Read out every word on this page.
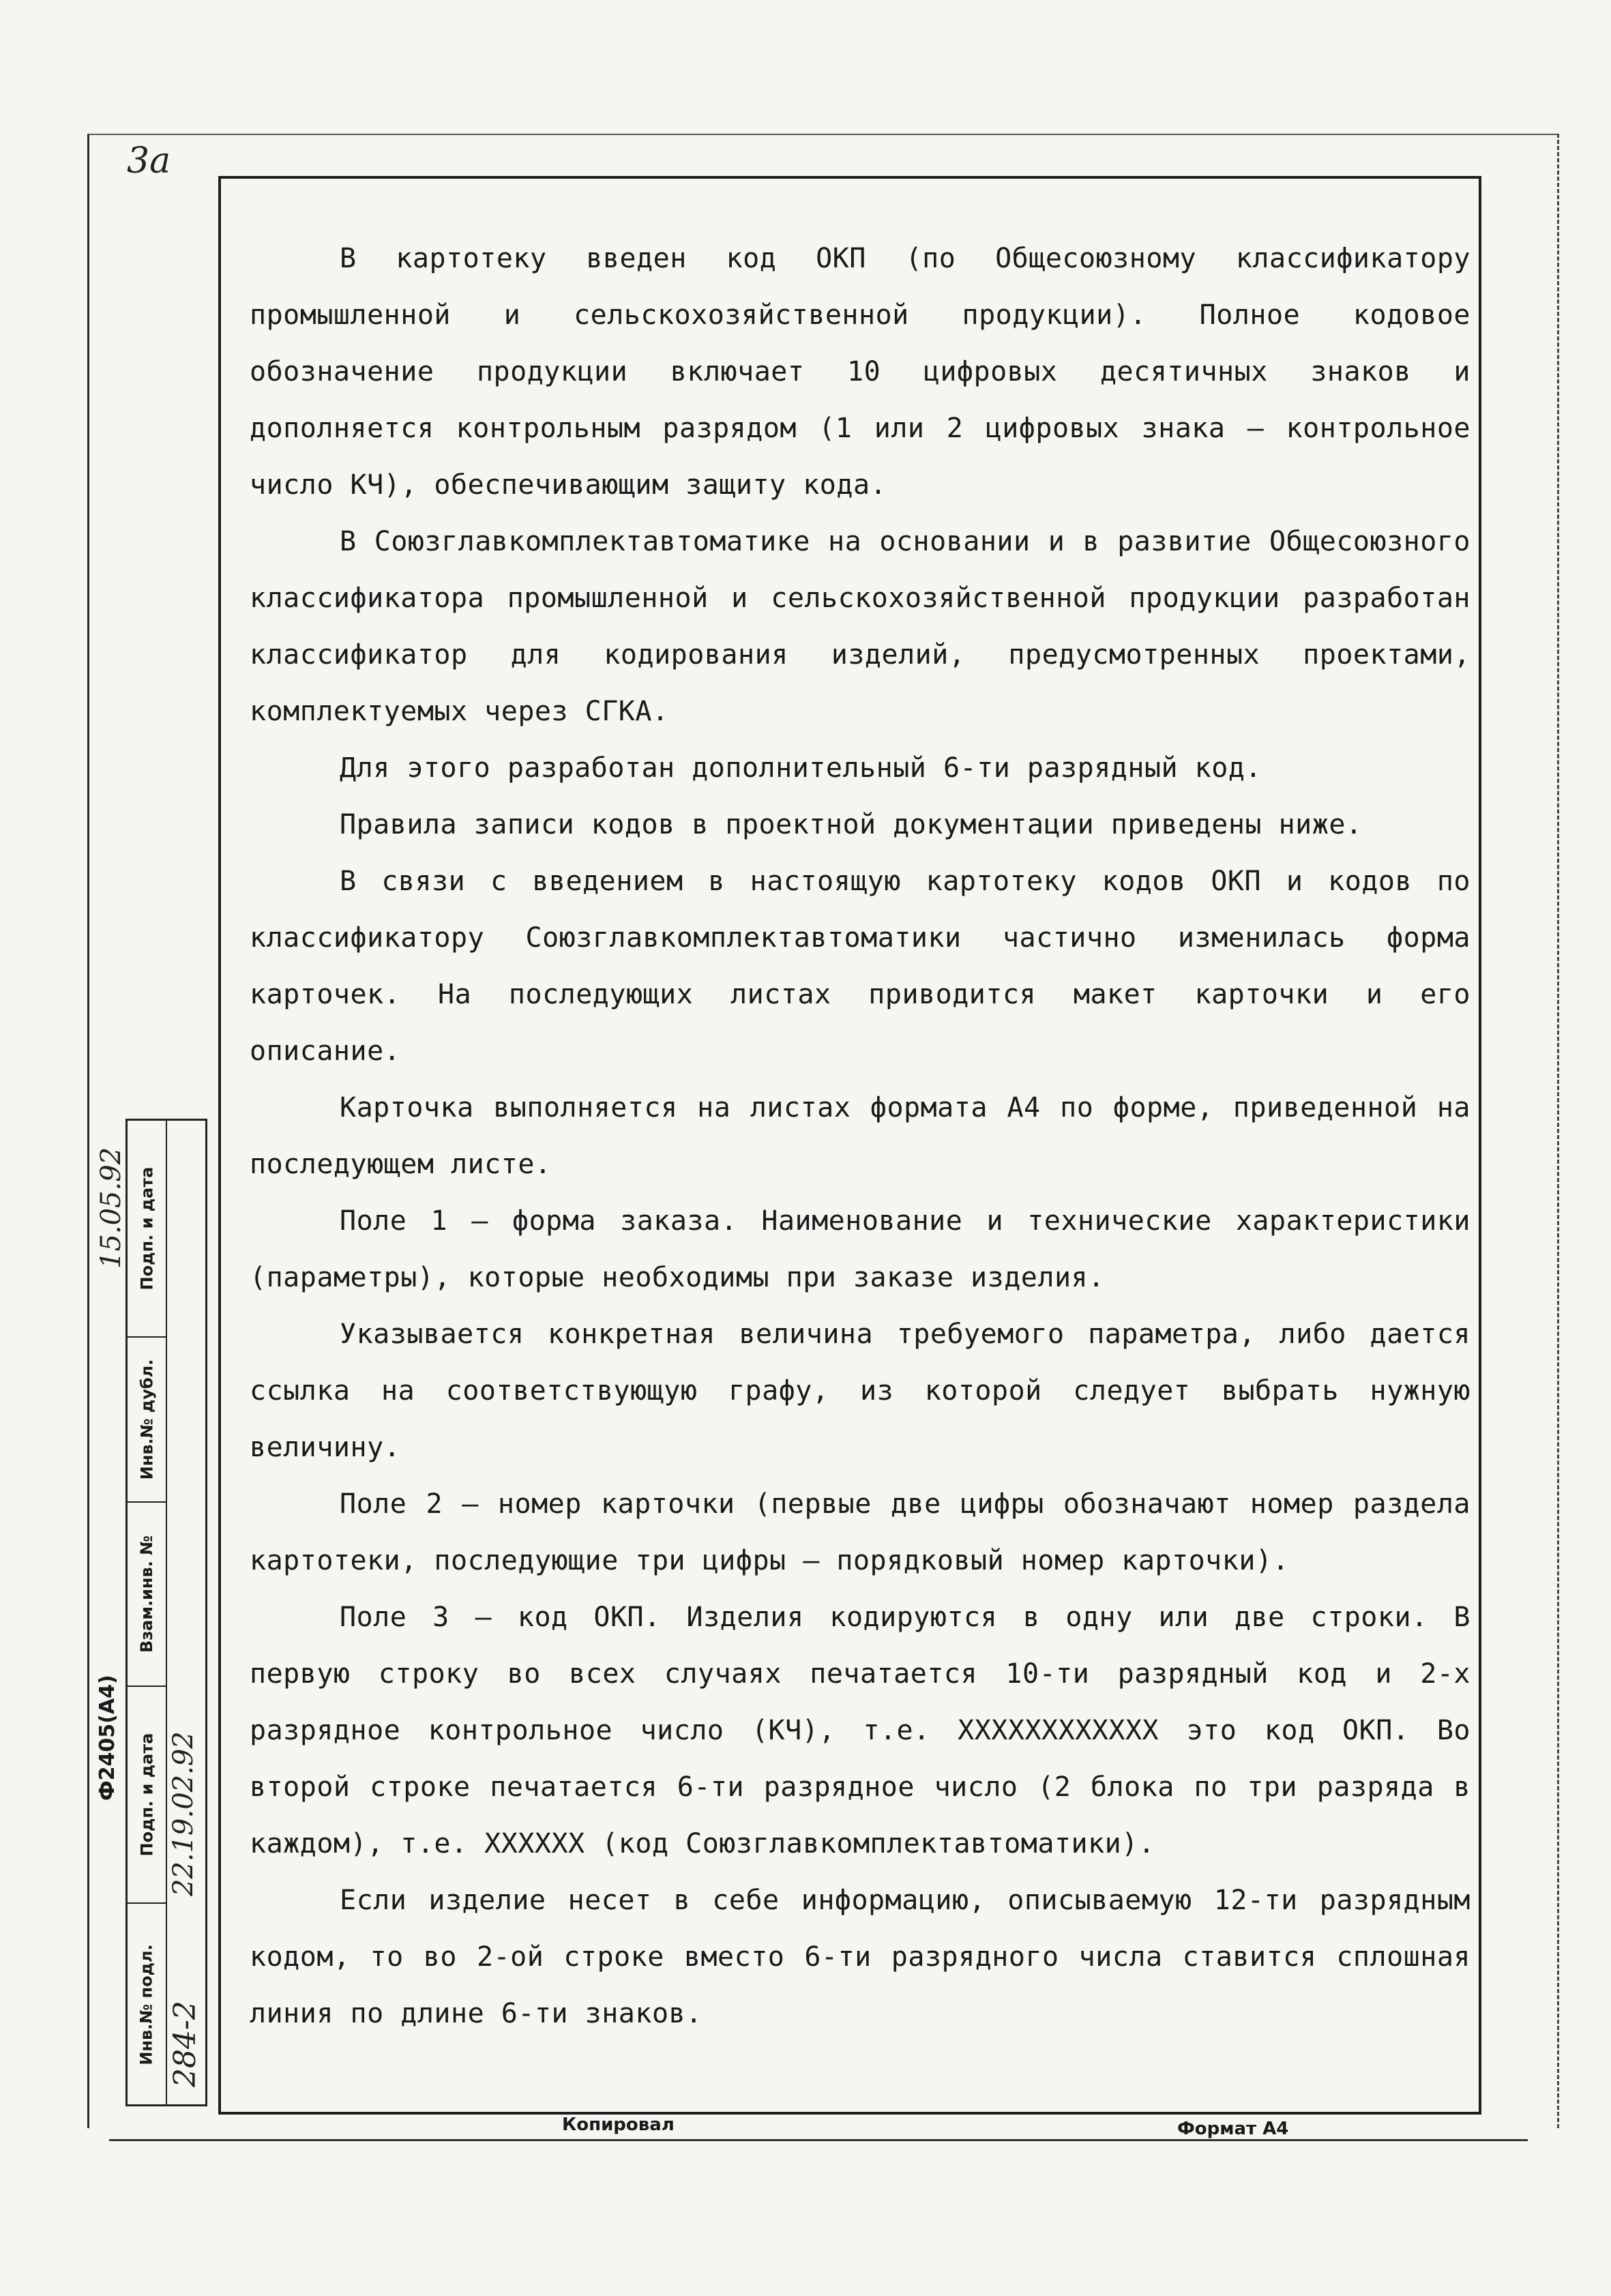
3а

В картотеку введен код ОКП (по Общесоюзному классификатору промышленной и сельскохозяйственной продукции). Полное кодовое обозначение продукции включает 10 цифровых десятичных знаков и дополняется контрольным разрядом (1 или 2 цифровых знака – контрольное число КЧ), обеспечивающим защиту кода.

В Союзглавкомплектавтоматике на основании и в развитие Общесоюзного классификатора промышленной и сельскохозяйственной продукции разработан классификатор для кодирования изделий, предусмотренных проектами, комплектуемых через СГКА.

Для этого разработан дополнительный 6-ти разрядный код.

Правила записи кодов в проектной документации приведены ниже.

В связи с введением в настоящую картотеку кодов ОКП и кодов по классификатору Союзглавкомплектавтоматики частично изменилась форма карточек. На последующих листах приводится макет карточки и его описание.

Карточка выполняется на листах формата А4 по форме, приведенной на последующем листе.

Поле 1 – форма заказа. Наименование и технические характеристики (параметры), которые необходимы при заказе изделия.

Указывается конкретная величина требуемого параметра, либо дается ссылка на соответствующую графу, из которой следует выбрать нужную величину.

Поле 2 – номер карточки (первые две цифры обозначают номер раздела картотеки, последующие три цифры – порядковый номер карточки).

Поле 3 – код ОКП. Изделия кодируются в одну или две строки. В первую строку во всех случаях печатается 10-ти разрядный код и 2-х разрядное контрольное число (КЧ), т.е. XXXXXXXXXXXX это код ОКП. Во второй строке печатается 6-ти разрядное число (2 блока по три разряда в каждом), т.е. XXXXXX (код Союзглавкомплектавтоматики).

Если изделие несет в себе информацию, описываемую 12-ти разрядным кодом, то во 2-ой строке вместо 6-ти разрядного числа ставится сплошная линия по длине 6-ти знаков.

Инв.№ подл.
Подп. и дата
Взам.инв. №
Инв.№ дубл.
Подп. и дата
284-2
22.19.02.92
15.05.92
Ф2405(А4)
Копировал	Формат А4
